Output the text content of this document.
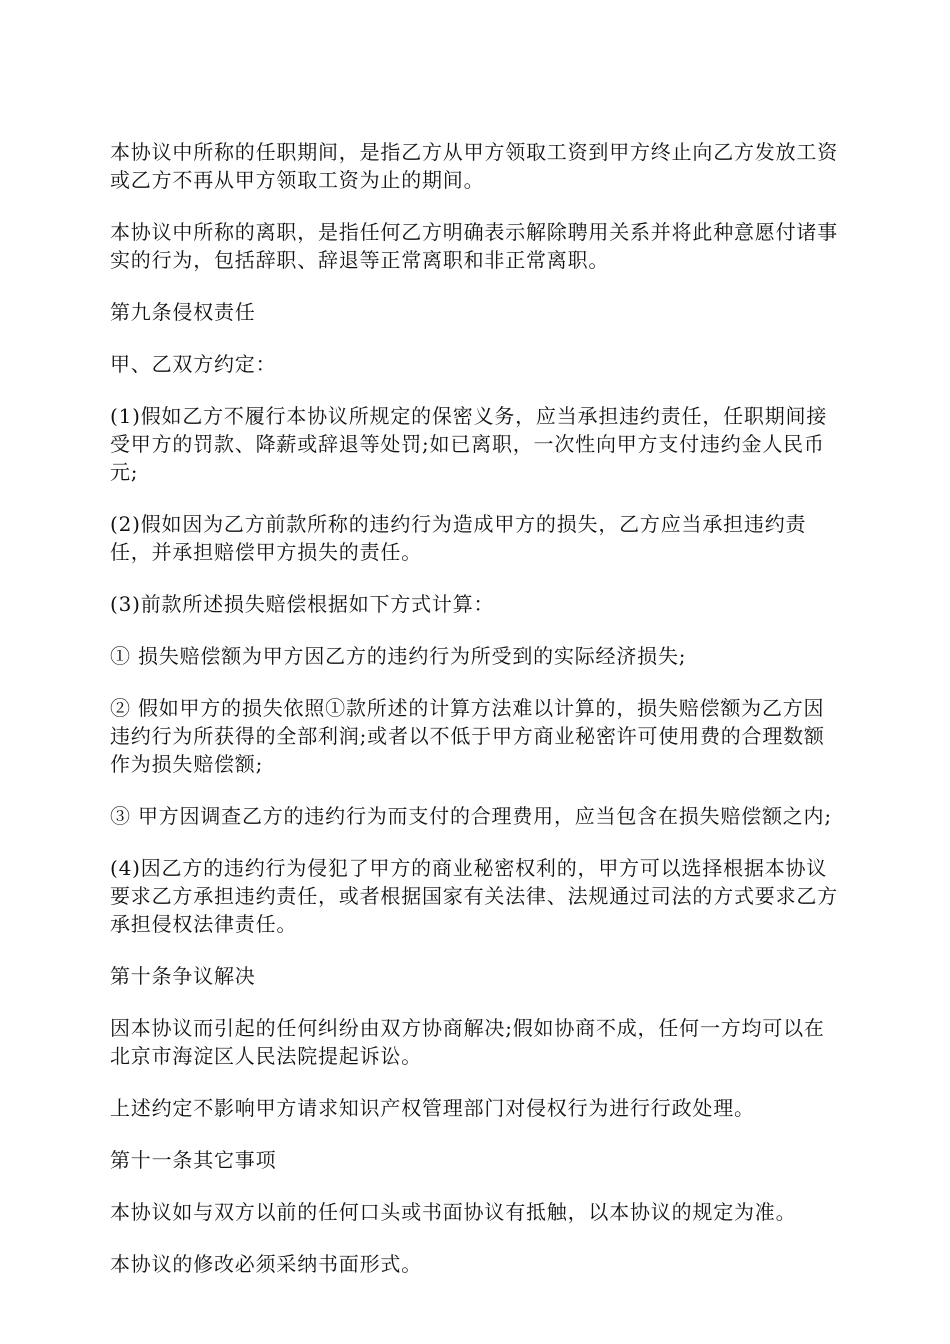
本协议中所称的任职期间，是指乙方从甲方领取工资到甲方终止向乙方发放工资或乙方不再从甲方领取工资为止的期间。

本协议中所称的离职，是指任何乙方明确表示解除聘用关系并将此种意愿付诸事实的行为，包括辞职、辞退等正常离职和非正常离职。

第九条侵权责任

甲、乙双方约定：

(1)假如乙方不履行本协议所规定的保密义务，应当承担违约责任，任职期间接受甲方的罚款、降薪或辞退等处罚;如已离职，一次性向甲方支付违约金人民币元;

(2)假如因为乙方前款所称的违约行为造成甲方的损失，乙方应当承担违约责任，并承担赔偿甲方损失的责任。

(3)前款所述损失赔偿根据如下方式计算：

① 损失赔偿额为甲方因乙方的违约行为所受到的实际经济损失;

② 假如甲方的损失依照①款所述的计算方法难以计算的，损失赔偿额为乙方因违约行为所获得的全部利润;或者以不低于甲方商业秘密许可使用费的合理数额作为损失赔偿额;

③ 甲方因调查乙方的违约行为而支付的合理费用，应当包含在损失赔偿额之内;

(4)因乙方的违约行为侵犯了甲方的商业秘密权利的，甲方可以选择根据本协议要求乙方承担违约责任，或者根据国家有关法律、法规通过司法的方式要求乙方承担侵权法律责任。

第十条争议解决

因本协议而引起的任何纠纷由双方协商解决;假如协商不成，任何一方均可以在北京市海淀区人民法院提起诉讼。

上述约定不影响甲方请求知识产权管理部门对侵权行为进行行政处理。

第十一条其它事项

本协议如与双方以前的任何口头或书面协议有抵触，以本协议的规定为准。

本协议的修改必须采纳书面形式。
